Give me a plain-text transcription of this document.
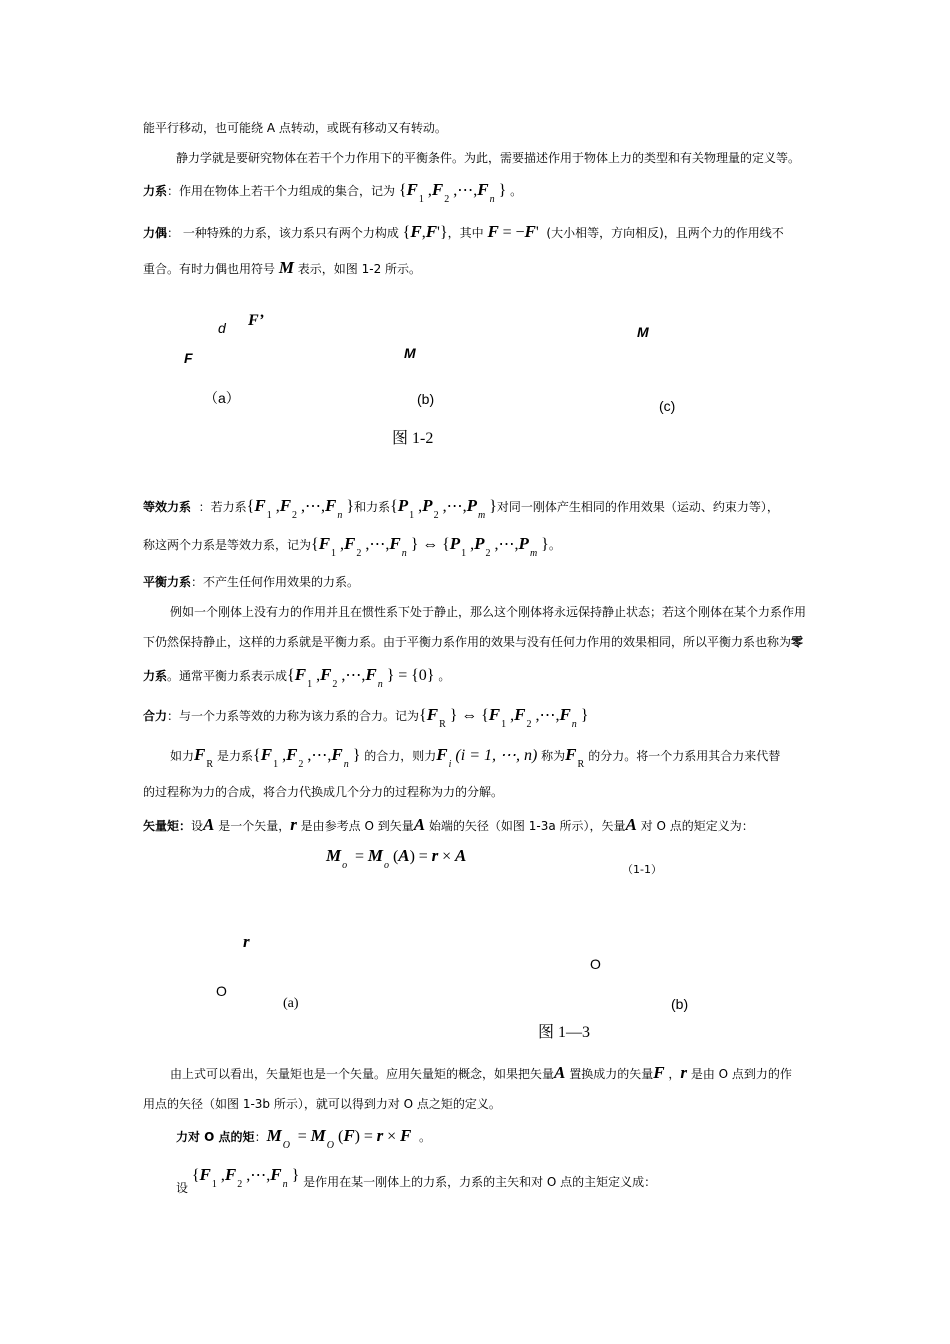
能平行移动，也可能绕 A 点转动，或既有移动又有转动。
静力学就是要研究物体在若干个力作用下的平衡条件。为此，需要描述作用于物体上力的类型和有关物理量的定义等。
力系：作用在物体上若干个力组成的集合，记为 $\{F_1,F_2,\cdots,F_n\}$ 。
力偶： 一种特殊的力系，该力系只有两个力构成 {F,F'}，其中 F = −F' (大小相等，方向相反)，且两个力的作用线不
重合。有时力偶也用符号 M 表示，如图 1-2 所示。
d F’
F	M
M
（a）	(b)	(c)
图 1-2
等效力系 ：若力系$\{F_1,F_2,\cdots,F_n\}$和力系$\{P_1,P_2,\cdots,P_m\}$对同一刚体产生相同的作用效果（运动、约束力等），
称这两个力系是等效力系，记为$\{F_1,F_2,\cdots,F_n\}$ ⇔ $\{P_1,P_2,\cdots,P_m\}$。
平衡力系：不产生任何作用效果的力系。
例如一个刚体上没有力的作用并且在惯性系下处于静止，那么这个刚体将永远保持静止状态；若这个刚体在某个力系作用
下仍然保持静止，这样的力系就是平衡力系。由于平衡力系作用的效果与没有任何力作用的效果相同，所以平衡力系也称为零
力系。通常平衡力系表示成$\{F_1,F_2,\cdots,F_n\} = \{0\}$ 。
合力：与一个力系等效的力称为该力系的合力。记为$\{F_R\}$ ⇔ $\{F_1,F_2,\cdots,F_n\}$
如力$F_R$是力系$\{F_1,F_2,\cdots,F_n\}$ 的合力，则力$F_i(i = 1$, ⋯, n) 称为$F_R$的分力。将一个力系用其合力来代替
的过程称为力的合成，将合力代换成几个分力的过程称为力的分解。
矢量矩：设A 是一个矢量，r 是由参考点 O 到矢量A 始端的矢径（如图 1-3a 所示），矢量A 对 O 点的矩定义为：
$M_o = M_o(A) = r \times A$
（1-1）
r
O
O
(a)	(b)
图 1—3
由上式可以看出，矢量矩也是一个矢量。应用矢量矩的概念，如果把矢量A 置换成力的矢量F ，r 是由 O 点到力的作
用点的矢径（如图 1-3b 所示），就可以得到力对 O 点之矩的定义。
力对 O 点的矩：$M_O = M_O(F) = r \times F$ 。
设 $\{F_1,F_2,\cdots,F_n\}$ 是作用在某一刚体上的力系，力系的主矢和对 O 点的主矩定义成：
